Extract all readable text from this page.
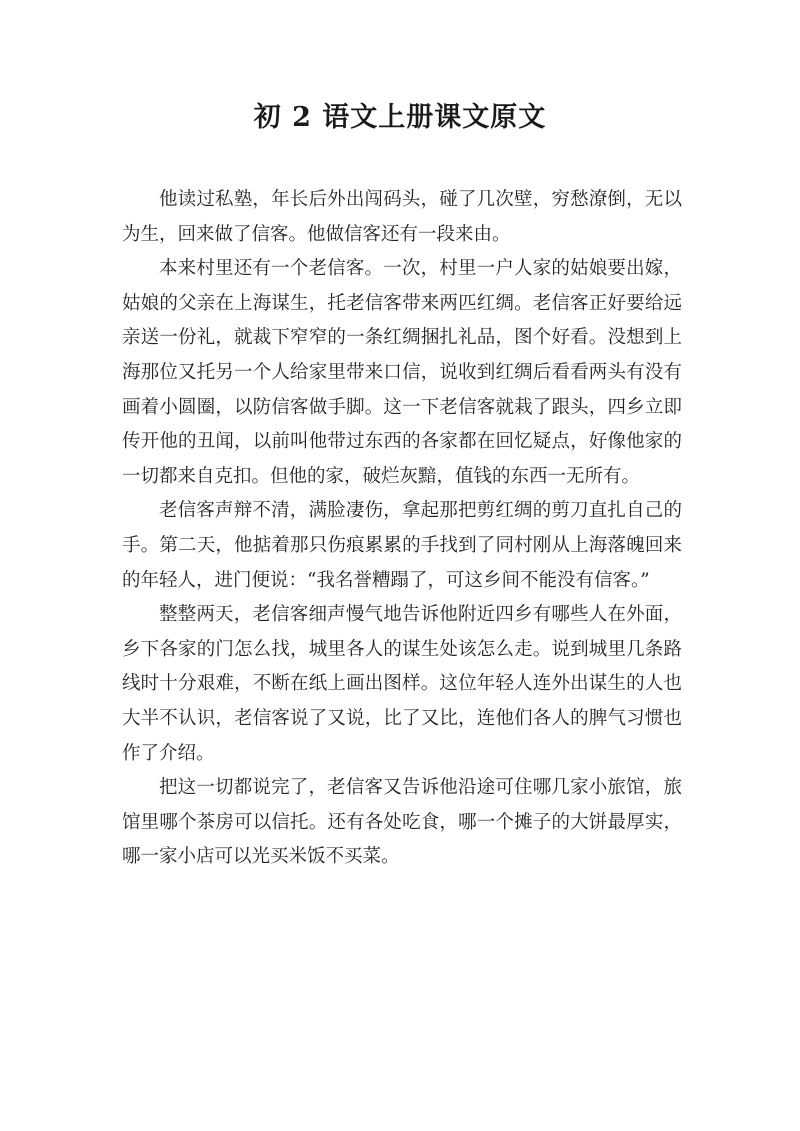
初 2 语文上册课文原文

他读过私塾，年长后外出闯码头，碰了几次壁，穷愁潦倒，无以为生，回来做了信客。他做信客还有一段来由。

本来村里还有一个老信客。一次，村里一户人家的姑娘要出嫁，姑娘的父亲在上海谋生，托老信客带来两匹红绸。老信客正好要给远亲送一份礼，就裁下窄窄的一条红绸捆扎礼品，图个好看。没想到上海那位又托另一个人给家里带来口信，说收到红绸后看看两头有没有画着小圆圈，以防信客做手脚。这一下老信客就栽了跟头，四乡立即传开他的丑闻，以前叫他带过东西的各家都在回忆疑点，好像他家的一切都来自克扣。但他的家，破烂灰黯，值钱的东西一无所有。

老信客声辩不清，满脸凄伤，拿起那把剪红绸的剪刀直扎自己的手。第二天，他掂着那只伤痕累累的手找到了同村刚从上海落魄回来的年轻人，进门便说：“我名誉糟蹋了，可这乡间不能没有信客。”

整整两天，老信客细声慢气地告诉他附近四乡有哪些人在外面，乡下各家的门怎么找，城里各人的谋生处该怎么走。说到城里几条路线时十分艰难，不断在纸上画出图样。这位年轻人连外出谋生的人也大半不认识，老信客说了又说，比了又比，连他们各人的脾气习惯也作了介绍。

把这一切都说完了，老信客又告诉他沿途可住哪几家小旅馆，旅馆里哪个茶房可以信托。还有各处吃食，哪一个摊子的大饼最厚实，哪一家小店可以光买米饭不买菜。
